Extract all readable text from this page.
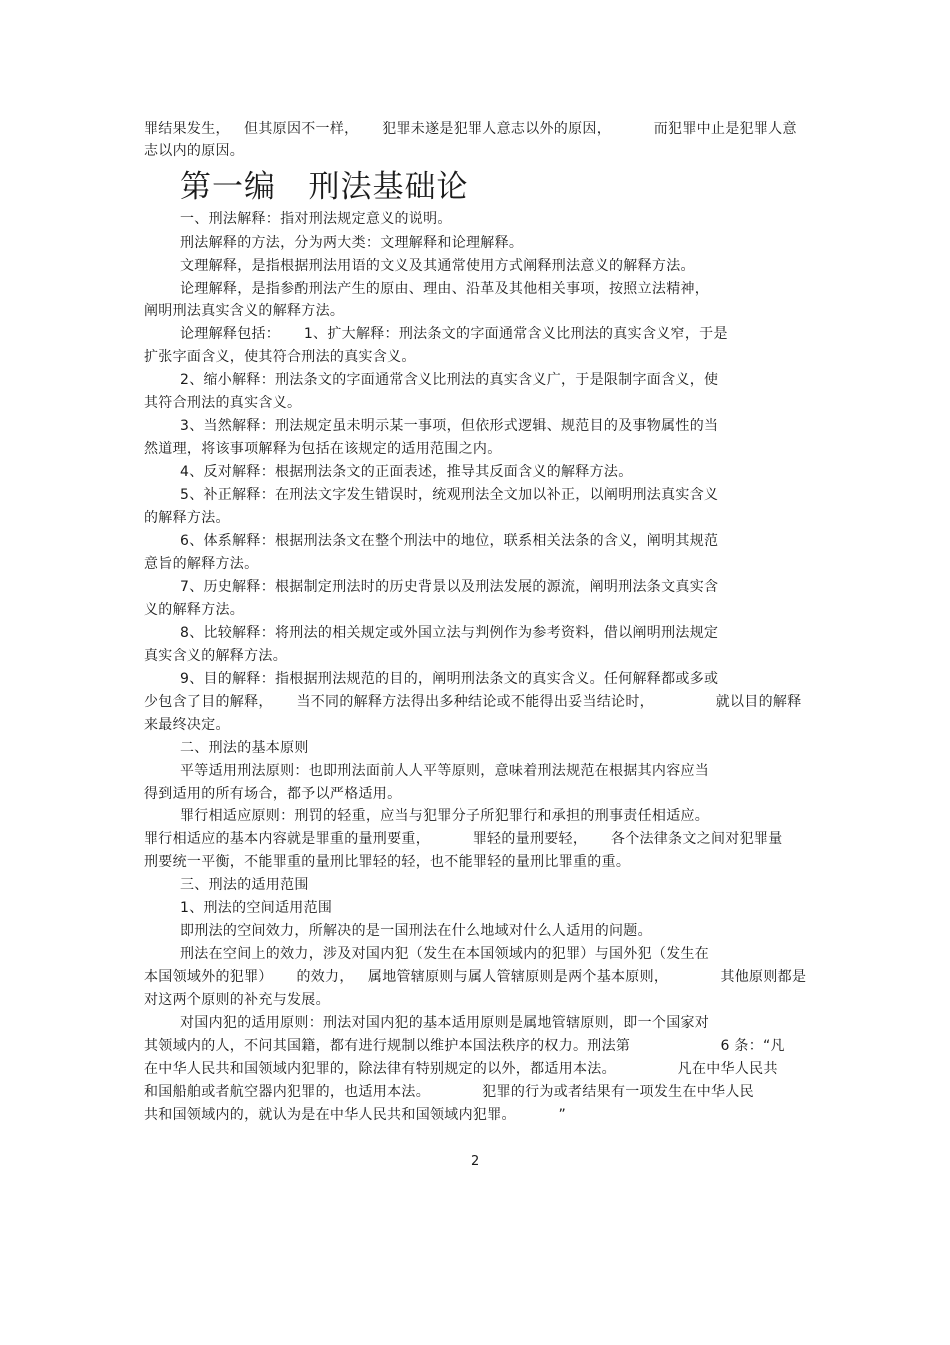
罪结果发生，   但其原因不一样，     犯罪未遂是犯罪人意志以外的原因，         而犯罪中止是犯罪人意

志以内的原因。

第一编   刑法基础论

一、刑法解释：指对刑法规定意义的说明。

刑法解释的方法，分为两大类：文理解释和论理解释。

文理解释，是指根据刑法用语的文义及其通常使用方式阐释刑法意义的解释方法。

论理解释，是指参酌刑法产生的原由、理由、沿革及其他相关事项，按照立法精神，

阐明刑法真实含义的解释方法。

论理解释包括：     1、扩大解释：刑法条文的字面通常含义比刑法的真实含义窄，于是

扩张字面含义，使其符合刑法的真实含义。

2、缩小解释：刑法条文的字面通常含义比刑法的真实含义广，于是限制字面含义，使

其符合刑法的真实含义。

3、当然解释：刑法规定虽未明示某一事项，但依形式逻辑、规范目的及事物属性的当

然道理，将该事项解释为包括在该规定的适用范围之内。

4、反对解释：根据刑法条文的正面表述，推导其反面含义的解释方法。

5、补正解释：在刑法文字发生错误时，统观刑法全文加以补正，以阐明刑法真实含义

的解释方法。

6、体系解释：根据刑法条文在整个刑法中的地位，联系相关法条的含义，阐明其规范

意旨的解释方法。

7、历史解释：根据制定刑法时的历史背景以及刑法发展的源流，阐明刑法条文真实含

义的解释方法。

8、比较解释：将刑法的相关规定或外国立法与判例作为参考资料，借以阐明刑法规定

真实含义的解释方法。

9、目的解释：指根据刑法规范的目的，阐明刑法条文的真实含义。任何解释都或多或

少包含了目的解释，     当不同的解释方法得出多种结论或不能得出妥当结论时，             就以目的解释

来最终决定。

二、刑法的基本原则

平等适用刑法原则：也即刑法面前人人平等原则，意味着刑法规范在根据其内容应当

得到适用的所有场合，都予以严格适用。

罪行相适应原则：刑罚的轻重，应当与犯罪分子所犯罪行和承担的刑事责任相适应。

罪行相适应的基本内容就是罪重的量刑要重，         罪轻的量刑要轻，     各个法律条文之间对犯罪量

刑要统一平衡，不能罪重的量刑比罪轻的轻，也不能罪轻的量刑比罪重的重。

三、刑法的适用范围

1、刑法的空间适用范围

即刑法的空间效力，所解决的是一国刑法在什么地域对什么人适用的问题。

刑法在空间上的效力，涉及对国内犯（发生在本国领域内的犯罪）与国外犯（发生在

本国领域外的犯罪）     的效力，   属地管辖原则与属人管辖原则是两个基本原则，           其他原则都是

对这两个原则的补充与发展。

对国内犯的适用原则：刑法对国内犯的基本适用原则是属地管辖原则，即一个国家对

其领域内的人，不问其国籍，都有进行规制以维护本国法秩序的权力。刑法第                   6 条：“凡

在中华人民共和国领域内犯罪的，除法律有特别规定的以外，都适用本法。             凡在中华人民共

和国船舶或者航空器内犯罪的，也适用本法。           犯罪的行为或者结果有一项发生在中华人民

共和国领域内的，就认为是在中华人民共和国领域内犯罪。         ”

2
